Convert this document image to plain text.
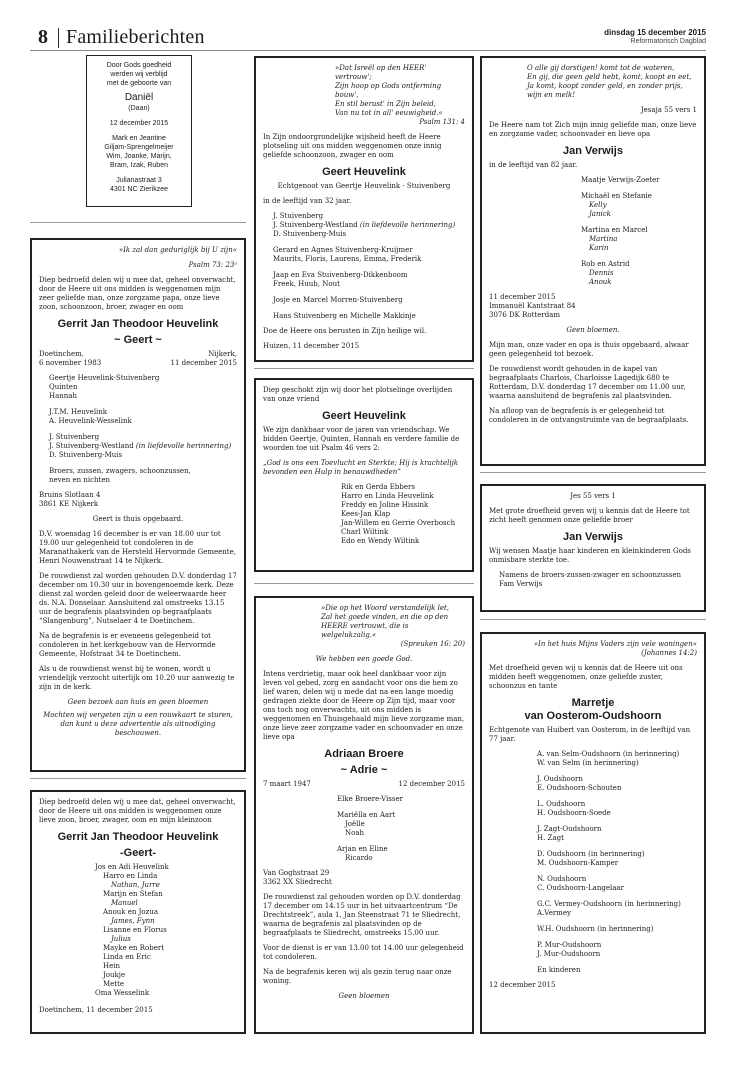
8 Familieberichten	dinsdag 15 december 2015
Reformatorisch Dagblad
Door Gods goedheid
werden wij verblijd
met de geboorte van
Daniël
(Daan)
12 december 2015
Mark en Jeantine
Giljam-Sprengelmeijer
Wim, Joanke, Marijn,
Bram, Izak, Ruben
Julianastraat 3
4301 NC Zierikzee
»Ik zal dan geduriglijk bij U zijn«
Psalm 73: 23ᵃ

Diep bedroefd delen wij u mee dat, geheel onverwacht, door de Heere uit ons midden is weggenomen mijn zeer geliefde man, onze zorgzame papa, onze lieve zoon, schoonzoon, broer, zwager en oom

Gerrit Jan Theodoor Heuvelink
~ Geert ~
Doetinchem,
6 november 1983
Nijkerk,
11 december 2015
Geertje Heuvelink-Stuivenberg
Quinten
Hannah
J.T.M. Heuvelink
A. Heuvelink-Wesselink
J. Stuivenberg
J. Stuivenberg-Westland (in liefdevolle herinnering)
D. Stuivenberg-Muis
Broers, zussen, zwagers, schoonzussen,
neven en nichten
Bruins Slotlaan 4
3861 KE Nijkerk

Geert is thuis opgebaard.

D.V. woensdag 16 december is er van 18.00 uur tot 19.00 uur gelegenheid tot condoleren in de Maranathakerk van de Hersteld Hervormde Gemeente, Henri Nouwenstraat 14 te Nijkerk.

De rouwdienst zal worden gehouden D.V. donderdag 17 december om 10.30 uur in bovengenoemde kerk. Deze dienst zal worden geleid door de weleerwaarde heer ds. N.A. Donselaar. Aansluitend zal omstreeks 13.15 uur de begrafenis plaatsvinden op begraafplaats “Slangenburg”, Nutselaer 4 te Doetinchem.

Na de begrafenis is er eveneens gelegenheid tot condoleren in het kerkgebouw van de Hervormde Gemeente, Hofstraat 34 te Doetinchem.

Als u de rouwdienst wenst bij te wonen, wordt u vriendelijk verzocht uiterlijk om 10.20 uur aanwezig te zijn in de kerk.

Geen bezoek aan huis en geen bloemen
Mochten wij vergeten zijn u een rouwkaart te sturen, dan kunt u deze advertentie als uitnodiging beschouwen.

Diep bedroefd delen wij u mee dat, geheel onverwacht, door de Heere uit ons midden is weggenomen onze lieve zoon, broer, zwager, oom en mijn kleinzoon

Gerrit Jan Theodoor Heuvelink
-Geert-
Jos en Adi Heuvelink
Harro en Linda
Nathan, Jurre
Marijn en Stefan
Manuel
Anouk en Jozua
James, Fynn
Lisanne en Florus
Julius
Mayke en Robert
Linda en Eric
Hein
Joukje
Mette
Oma Wesselink
Doetinchem, 11 december 2015
»Dat Isreël op den HEER' vertrouw';
Zijn hoop op Gods ontferming bouw',
En stil berust' in Zijn beleid,
Van nu tot in all' eeuwigheid.«
Psalm 131: 4

In Zijn ondoorgrondelijke wijsheid heeft de Heere plotseling uit ons midden weggenomen onze innig geliefde schoonzoon, zwager en oom

Geert Heuvelink
Echtgenoot van Geertje Heuvelink - Stuivenberg

in de leeftijd van 32 jaar.

J. Stuivenberg
J. Stuivenberg-Westland (in liefdevolle herinnering)
D. Stuivenberg-Muis
Gerard en Agnes Stuivenberg-Kruijmer
Maurits, Floris, Laurens, Emma, Frederik
Jaap en Eva Stuivenberg-Dikkenboom
Freek, Huub, Nout
Josje en Marcel Morren-Stuivenberg
Hans Stuivenberg en Michelle Makkinje

Doe de Heere ons berusten in Zijn heilige wil.

Huizen, 11 december 2015

Diep geschokt zijn wij door het plotselinge overlijden van onze vriend

Geert Heuvelink

We zijn dankbaar voor de jaren van vriendschap. We bidden Geertje, Quinten, Hannah en verdere familie de woorden toe uit Psalm 46 vers 2:

„God is ons een Toevlucht en Sterkte; Hij is krachtelijk bevonden een Hulp in benauwdheden”

Rik en Gerda Ebbers
Harro en Linda Heuvelink
Freddy en Joline Hissink
Kees-Jan Klap
Jan-Willem en Gerrie Overbosch
Charl Wiltink
Edo en Wendy Wiltink
»Die op het Woord verstandelijk let,
Zal het goede vinden, en die op den
HEERE vertrouwt, die is welgelukzalig.«
(Spreuken 16: 20)
We hebben een goede God.

Intens verdrietig, maar ook heel dankbaar voor zijn leven vol gebed, zorg en aandacht voor ons die hem zo lief waren, delen wij u mede dat na een lange moedig gedragen ziekte door de Heere op Zijn tijd, maar voor ons toch nog onverwachts, uit ons midden is weggenomen en Thuisgehaald mijn lieve zorgzame man, onze lieve zeer zorgzame vader en schoonvader en onze lieve opa

Adriaan Broere
~ Adrie ~
7 maart 1947	12 december 2015
Elke Broere-Visser
Mariëlla en Aart
Joëlle
Noah
Arjan en Eline
Ricardo
Van Goghstraat 29
3362 XX Sliedrecht

De rouwdienst zal gehouden worden op D.V. donderdag 17 december om 14.15 uur in het uitvaartcentrum “De Drechtstreek”, aula 1, Jan Steenstraat 71 te Sliedrecht, waarna de begrafenis zal plaatsvinden op de begraafplaats te Sliedrecht, omstreeks 15.00 uur.

Voor de dienst is er van 13.00 tot 14.00 uur gelegenheid tot condoleren.

Na de begrafenis keren wij als gezin terug naar onze woning.

Geen bloemen
O alle gij dorstigen! komt tot de wateren,
En gij, die geen geld hebt, komt, koopt en eet,
Ja komt, koopt zonder geld, en zonder prijs,
wijn en melk!
Jesaja 55 vers 1

De Heere nam tot Zich mijn innig geliefde man, onze lieve en zorgzame vader, schoonvader en lieve opa

Jan Verwijs

in de leeftijd van 82 jaar.

Maatje Verwijs-Zoeter
Michaël en Stefanie
Kelly
Janick
Martina en Marcel
Martina
Karin
Rob en Astrid
Dennis
Anouk
11 december 2015
Immanuël Kantstraat 84
3076 DK Rotterdam
Geen bloemen.

Mijn man, onze vader en opa is thuis opgebaard, alwaar geen gelegenheid tot bezoek.

De rouwdienst wordt gehouden in de kapel van begraafplaats Charlois, Charloisse Lagedijk 680 te Rotterdam, D.V. donderdag 17 december om 11.00 uur, waarna aansluitend de begrafenis zal plaatsvinden.

Na afloop van de begrafenis is er gelegenheid tot condoleren in de ontvangstruimte van de begraafplaats.

Jes 55 vers 1

Met grote droefheid geven wij u kennis dat de Heere tot zicht heeft genomen onze geliefde broer

Jan Verwijs

Wij wensen Maatje haar kinderen en kleinkinderen Gods onmisbare sterkte toe.

Namens de broers-zussen-zwager en schoonzussen
Fam Verwijs
»In het huis Mijns Vaders zijn vele woningen«
(Johannes 14:2)

Met droefheid geven wij u kennis dat de Heere uit ons midden heeft weggenomen, onze geliefde zuster, schoonzus en tante

Marretje
van Oosterom-Oudshoorn

Echtgenote van Huibert van Oosterom, in de leeftijd van 77 jaar.

A. van Selm-Oudshoorn (in herinnering)
W. van Selm (in herinnering)
J. Oudshoorn
E. Oudshoorn-Schouten
L. Oudshoorn
H. Oudshoorn-Soede
J. Zagt-Oudshoorn
H. Zagt
D. Oudshoorn (in herinnering)
M. Oudshoorn-Kamper
N. Oudshoorn
C. Oudshoorn-Langelaar
G.C. Vermey-Oudshoorn (in herinnering)
A.Vermey
W.H. Oudshoorn (in herinnering)
P. Mur-Oudshoorn
J. Mur-Oudshoorn
En kinderen
12 december 2015
